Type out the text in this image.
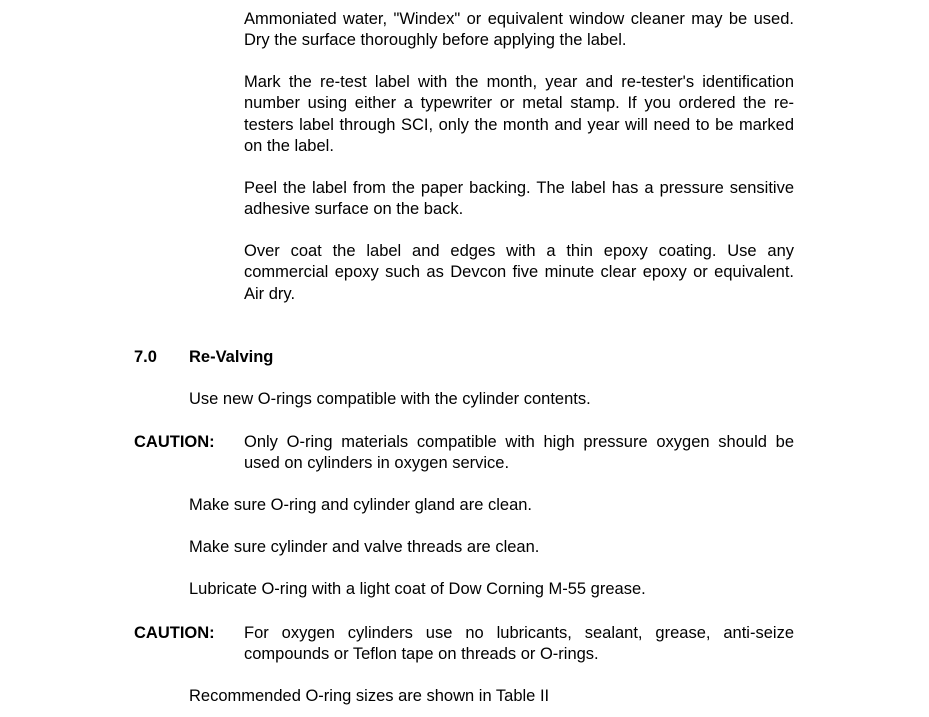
Ammoniated water, "Windex" or equivalent window cleaner may be used. Dry the surface thoroughly before applying the label.

Mark the re-test label with the month, year and re-tester's identification number using either a typewriter or metal stamp. If you ordered the re-testers label through SCI, only the month and year will need to be marked on the label.

Peel the label from the paper backing. The label has a pressure sensitive adhesive surface on the back.

Over coat the label and edges with a thin epoxy coating. Use any commercial epoxy such as Devcon five minute clear epoxy or equivalent. Air dry.

7.0 Re-Valving

Use new O-rings compatible with the cylinder contents.

CAUTION: Only O-ring materials compatible with high pressure oxygen should be used on cylinders in oxygen service.

Make sure O-ring and cylinder gland are clean.

Make sure cylinder and valve threads are clean.

Lubricate O-ring with a light coat of Dow Corning M-55 grease.

CAUTION: For oxygen cylinders use no lubricants, sealant, grease, anti-seize compounds or Teflon tape on threads or O-rings.

Recommended O-ring sizes are shown in Table II
